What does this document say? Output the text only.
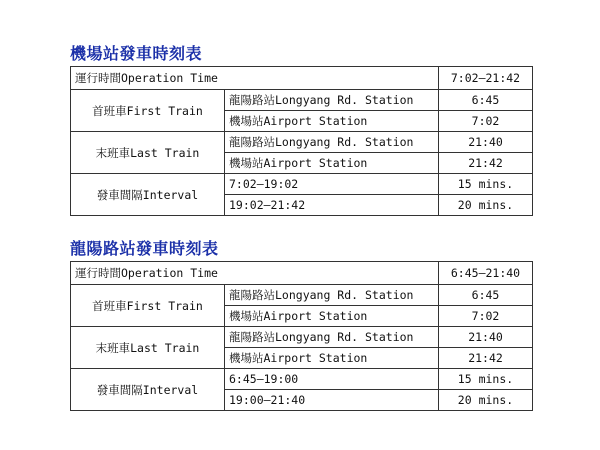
機場站發車時刻表
運行時間Operation Time		7:02—21:42
首班車First Train	龍陽路站Longyang Rd. Station	6:45
	機場站Airport Station	7:02
末班車Last Train	龍陽路站Longyang Rd. Station	21:40
	機場站Airport Station	21:42
發車間隔Interval	7:02—19:02	15 mins.
	19:02—21:42	20 mins.
龍陽路站發車時刻表
運行時間Operation Time		6:45—21:40
首班車First Train	龍陽路站Longyang Rd. Station	6:45
	機場站Airport Station	7:02
末班車Last Train	龍陽路站Longyang Rd. Station	21:40
	機場站Airport Station	21:42
發車間隔Interval	6:45—19:00	15 mins.
	19:00—21:40	20 mins.
